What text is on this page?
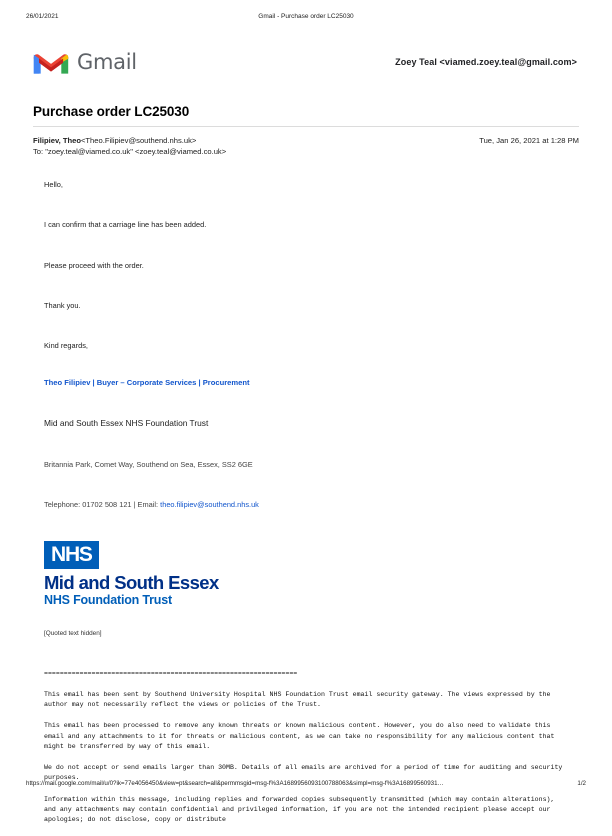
26/01/2021	Gmail - Purchase order LC25030
Gmail	Zoey Teal <viamed.zoey.teal@gmail.com>
Purchase order LC25030
Filipiev, Theo<Theo.Filipiev@southend.nhs.uk>
To: "zoey.teal@viamed.co.uk" <zoey.teal@viamed.co.uk>
Tue, Jan 26, 2021 at 1:28 PM

Hello,

I can confirm that a carriage line has been added.

Please proceed with the order.

Thank you.

Kind regards,

Theo Filipiev | Buyer – Corporate Services | Procurement

Mid and South Essex NHS Foundation Trust

Britannia Park, Comet Way, Southend on Sea, Essex, SS2 6GE

Telephone: 01702 508 121 | Email: theo.filipiev@southend.nhs.uk

NHS
Mid and South Essex
NHS Foundation Trust
[Quoted text hidden]

================================================================

This email has been sent by Southend University Hospital NHS Foundation Trust email security gateway. The views expressed by the author may not necessarily reflect the views or policies of the Trust.

This email has been processed to remove any known threats or known malicious content. However, you do also need to validate this email and any attachments to it for threats or malicious content, as we can take no responsibility for any malicious content that might be transferred by way of this email.

We do not accept or send emails larger than 30MB. Details of all emails are archived for a period of time for auditing and security purposes.

Information within this message, including replies and forwarded copies subsequently transmitted (which may contain alterations), and any attachments may contain confidential and privileged information, if you are not the intended recipient please accept our apologies; do not disclose, copy or distribute

https://mail.google.com/mail/u/0?ik=77e4056450&view=pt&search=all&permmsgid=msg-f%3A1689956093100788063&simpl=msg-f%3A16899560931…	1/2
